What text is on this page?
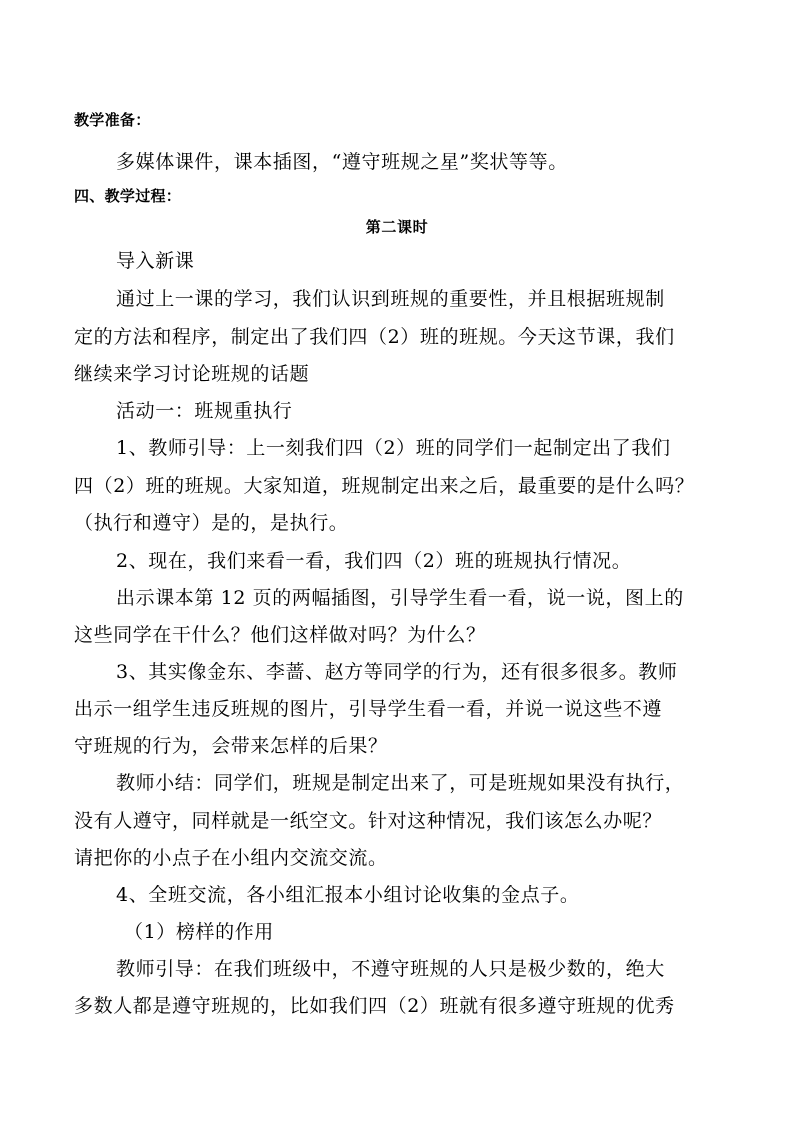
教学准备：
多媒体课件，课本插图，“遵守班规之星”奖状等等。
四、教学过程：
第二课时
导入新课
通过上一课的学习，我们认识到班规的重要性，并且根据班规制
定的方法和程序，制定出了我们四（2）班的班规。今天这节课，我们
继续来学习讨论班规的话题
活动一：班规重执行
1、教师引导：上一刻我们四（2）班的同学们一起制定出了我们
四（2）班的班规。大家知道，班规制定出来之后，最重要的是什么吗？
（执行和遵守）是的，是执行。
2、现在，我们来看一看，我们四（2）班的班规执行情况。
出示课本第 12 页的两幅插图，引导学生看一看，说一说，图上的
这些同学在干什么？他们这样做对吗？为什么？
3、其实像金东、李蔷、赵方等同学的行为，还有很多很多。教师
出示一组学生违反班规的图片，引导学生看一看，并说一说这些不遵
守班规的行为，会带来怎样的后果？
教师小结：同学们，班规是制定出来了，可是班规如果没有执行，
没有人遵守，同样就是一纸空文。针对这种情况，我们该怎么办呢？
请把你的小点子在小组内交流交流。
4、全班交流，各小组汇报本小组讨论收集的金点子。
（1）榜样的作用
教师引导：在我们班级中，不遵守班规的人只是极少数的，绝大
多数人都是遵守班规的，比如我们四（2）班就有很多遵守班规的优秀
